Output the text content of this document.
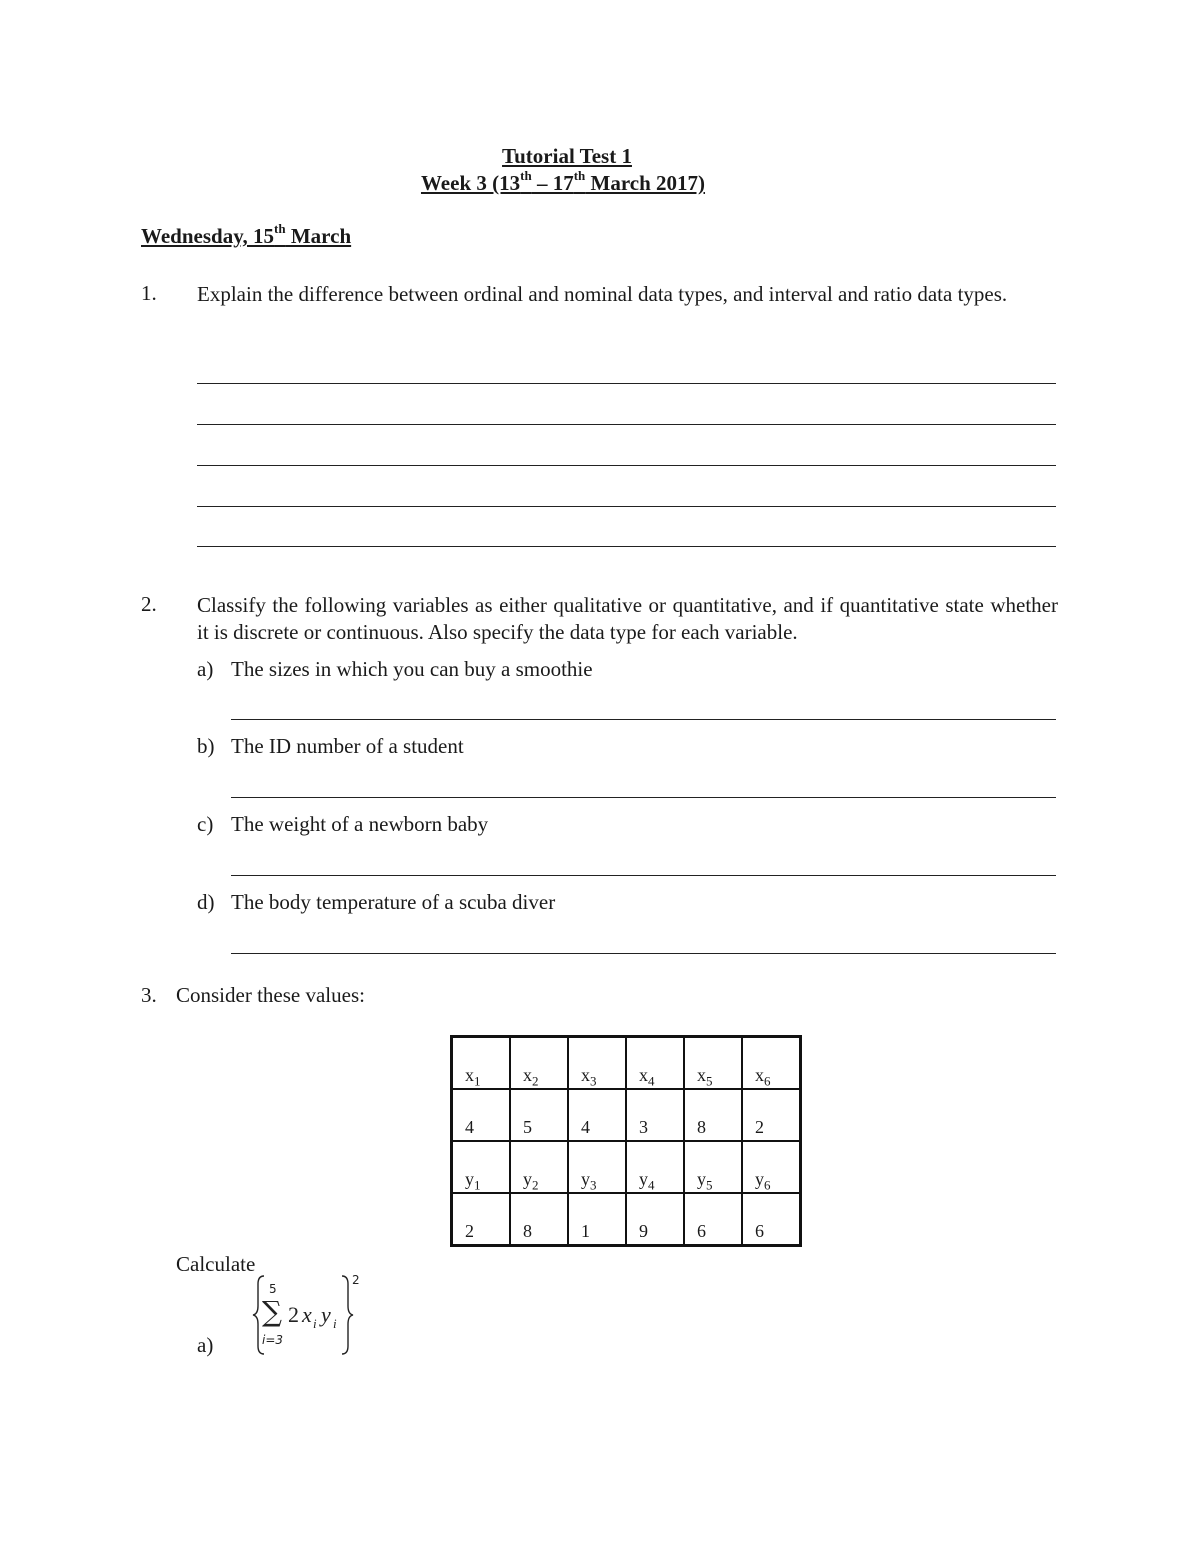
Tutorial Test 1
Week 3 (13th – 17th March 2017)
Wednesday, 15th March
1. Explain the difference between ordinal and nominal data types, and interval and ratio data types.
2. Classify the following variables as either qualitative or quantitative, and if quantitative state whether it is discrete or continuous. Also specify the data type for each variable.
a) The sizes in which you can buy a smoothie
b) The ID number of a student
c) The weight of a newborn baby
d) The body temperature of a scuba diver
3. Consider these values:
$x_1$	$x_2$	$x_3$	$x_4$	$x_5$	$x_6$
4	5	4	3	8	2
$y_1$	$y_2$	$y_3$	$y_4$	$y_5$	$y_6$
2	8	1	9	6	6
Calculate
a)
∑
5
i=3
2 x i y i
2
